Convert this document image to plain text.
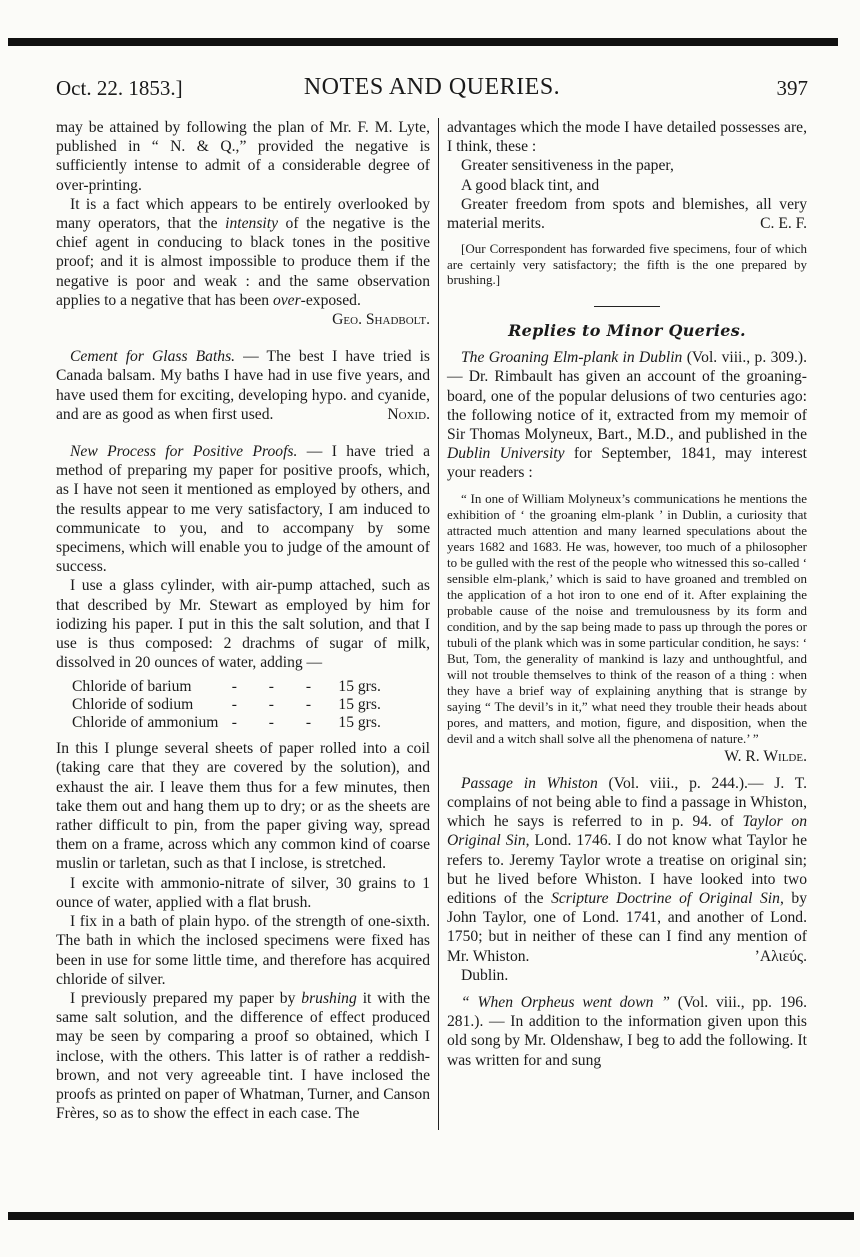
Oct. 22. 1853.]	NOTES AND QUERIES.	397

may be attained by following the plan of Mr. F. M. Lyte, published in “ N. & Q.,” provided the negative is sufficiently intense to admit of a considerable degree of over-printing.

It is a fact which appears to be entirely overlooked by many operators, that the intensity of the negative is the chief agent in conducing to black tones in the positive proof; and it is almost impossible to produce them if the negative is poor and weak : and the same observation applies to a negative that has been over-exposed.

Geo. Shadbolt.

Cement for Glass Baths. — The best I have tried is Canada balsam. My baths I have had in use five years, and have used them for exciting, developing hypo. and cyanide, and are as good as when first used.	Noxid.

New Process for Positive Proofs. — I have tried a method of preparing my paper for positive proofs, which, as I have not seen it mentioned as employed by others, and the results appear to me very satisfactory, I am induced to communicate to you, and to accompany by some specimens, which will enable you to judge of the amount of success.

I use a glass cylinder, with air-pump attached, such as that described by Mr. Stewart as employed by him for iodizing his paper. I put in this the salt solution, and that I use is thus composed: 2 drachms of sugar of milk, dissolved in 20 ounces of water, adding —

Chloride of barium	- - -	15 grs.
Chloride of sodium	- - -	15 grs.
Chloride of ammonium	- - -	15 grs.

In this I plunge several sheets of paper rolled into a coil (taking care that they are covered by the solution), and exhaust the air. I leave them thus for a few minutes, then take them out and hang them up to dry; or as the sheets are rather difficult to pin, from the paper giving way, spread them on a frame, across which any common kind of coarse muslin or tarletan, such as that I inclose, is stretched.

I excite with ammonio-nitrate of silver, 30 grains to 1 ounce of water, applied with a flat brush.

I fix in a bath of plain hypo. of the strength of one-sixth. The bath in which the inclosed specimens were fixed has been in use for some little time, and therefore has acquired chloride of silver.

I previously prepared my paper by brushing it with the same salt solution, and the difference of effect produced may be seen by comparing a proof so obtained, which I inclose, with the others. This latter is of rather a reddish-brown, and not very agreeable tint. I have inclosed the proofs as printed on paper of Whatman, Turner, and Canson Frères, so as to show the effect in each case. The

advantages which the mode I have detailed possesses are, I think, these :

Greater sensitiveness in the paper,

A good black tint, and

Greater freedom from spots and blemishes, all very material merits.	C. E. F.

[Our Correspondent has forwarded five specimens, four of which are certainly very satisfactory; the fifth is the one prepared by brushing.]

Replies to Minor Queries.

The Groaning Elm-plank in Dublin (Vol. viii., p. 309.). — Dr. Rimbault has given an account of the groaning-board, one of the popular delusions of two centuries ago: the following notice of it, extracted from my memoir of Sir Thomas Molyneux, Bart., M.D., and published in the Dublin University for September, 1841, may interest your readers :

“ In one of William Molyneux’s communications he mentions the exhibition of ‘ the groaning elm-plank ’ in Dublin, a curiosity that attracted much attention and many learned speculations about the years 1682 and 1683. He was, however, too much of a philosopher to be gulled with the rest of the people who witnessed this so-called ‘ sensible elm-plank,’ which is said to have groaned and trembled on the application of a hot iron to one end of it. After explaining the probable cause of the noise and tremulousness by its form and condition, and by the sap being made to pass up through the pores or tubuli of the plank which was in some particular condition, he says: ‘ But, Tom, the generality of mankind is lazy and unthoughtful, and will not trouble themselves to think of the reason of a thing : when they have a brief way of explaining anything that is strange by saying “ The devil’s in it,” what need they trouble their heads about pores, and matters, and motion, figure, and disposition, when the devil and a witch shall solve all the phenomena of nature.’ ”

W. R. Wilde.

Passage in Whiston (Vol. viii., p. 244.).— J. T. complains of not being able to find a passage in Whiston, which he says is referred to in p. 94. of Taylor on Original Sin, Lond. 1746. I do not know what Taylor he refers to. Jeremy Taylor wrote a treatise on original sin; but he lived before Whiston. I have looked into two editions of the Scripture Doctrine of Original Sin, by John Taylor, one of Lond. 1741, and another of Lond. 1750; but in neither of these can I find any mention of Mr. Whiston.	’Aλιεύς.

Dublin.

“ When Orpheus went down ” (Vol. viii., pp. 196. 281.). — In addition to the information given upon this old song by Mr. Oldenshaw, I beg to add the following. It was written for and sung
